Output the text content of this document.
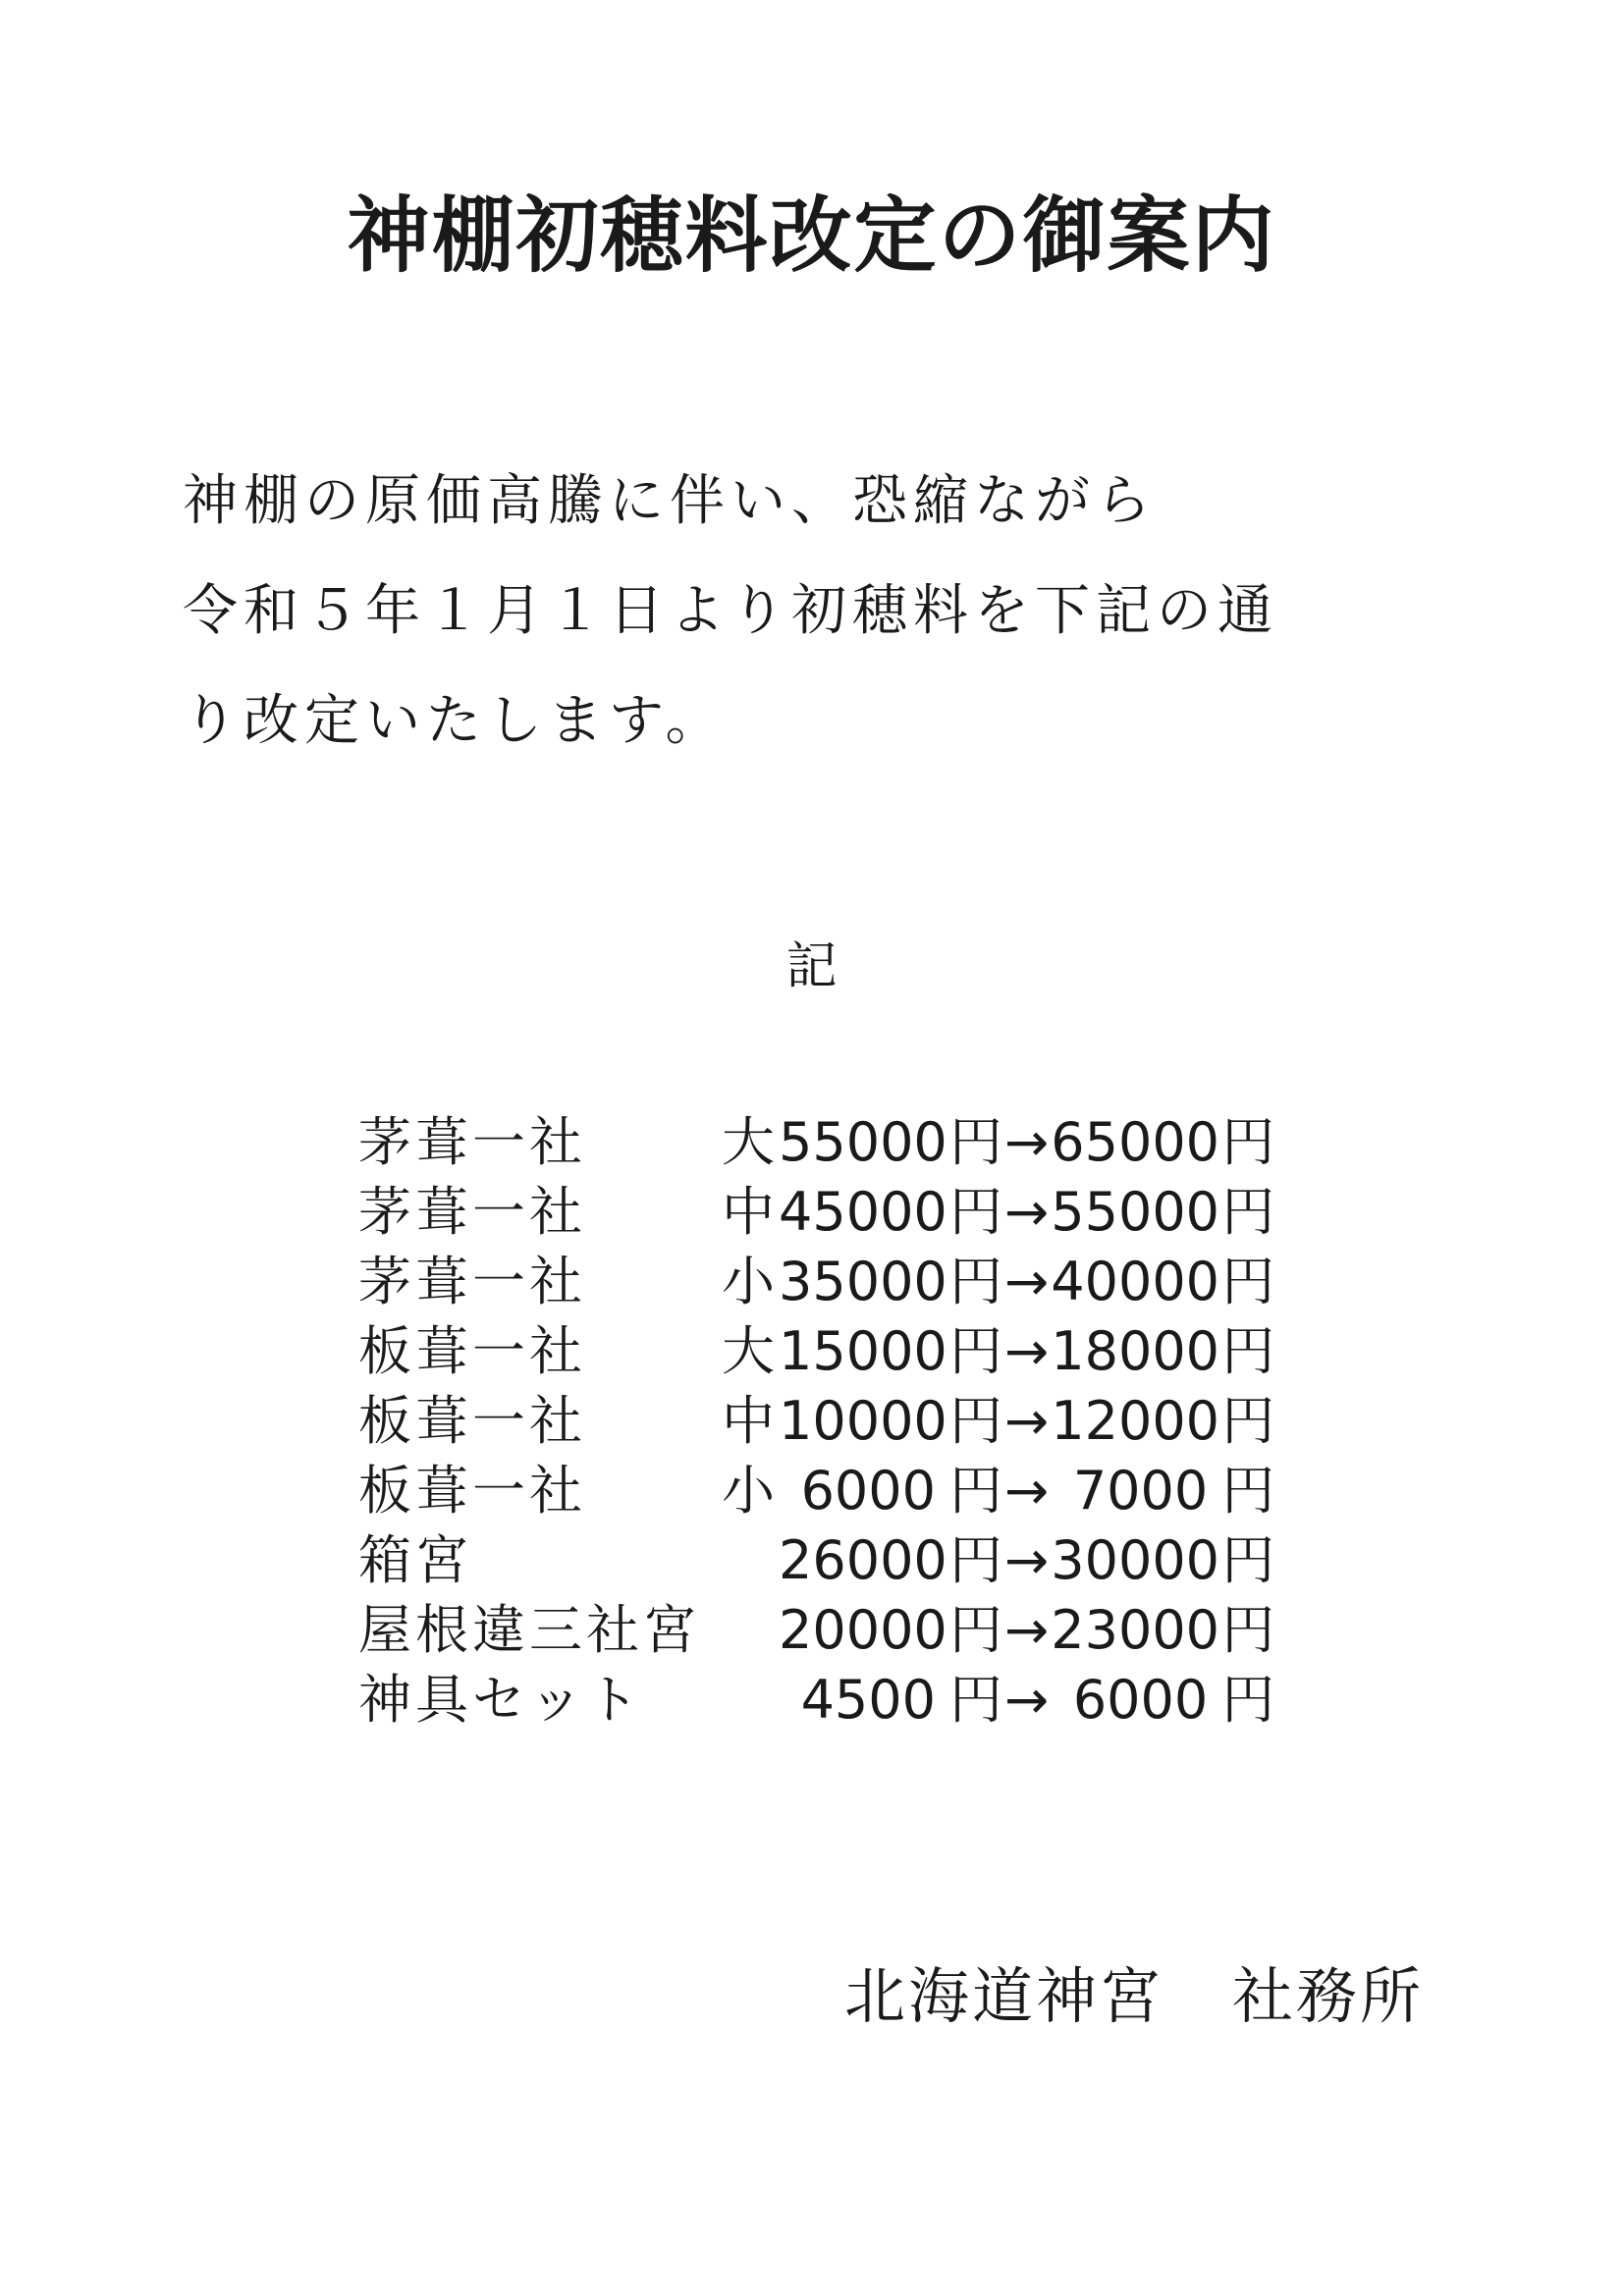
神棚初穂料改定の御案内
神棚の原価高騰に伴い、恐縮ながら
令和５年１月１日より初穂料を下記の通
り改定いたします。
記
茅葺一社	大 55000 円 → 65000 円
茅葺一社	中 45000 円 → 55000 円
茅葺一社	小 35000 円 → 40000 円
板葺一社	大 15000 円 → 18000 円
板葺一社	中 10000 円 → 12000 円
板葺一社	小 6000 円 → 7000 円
箱宮	26000 円 → 30000 円
屋根違三社宮	20000 円 → 23000 円
神具セット	4500 円 → 6000 円
北海道神宮 社務所
